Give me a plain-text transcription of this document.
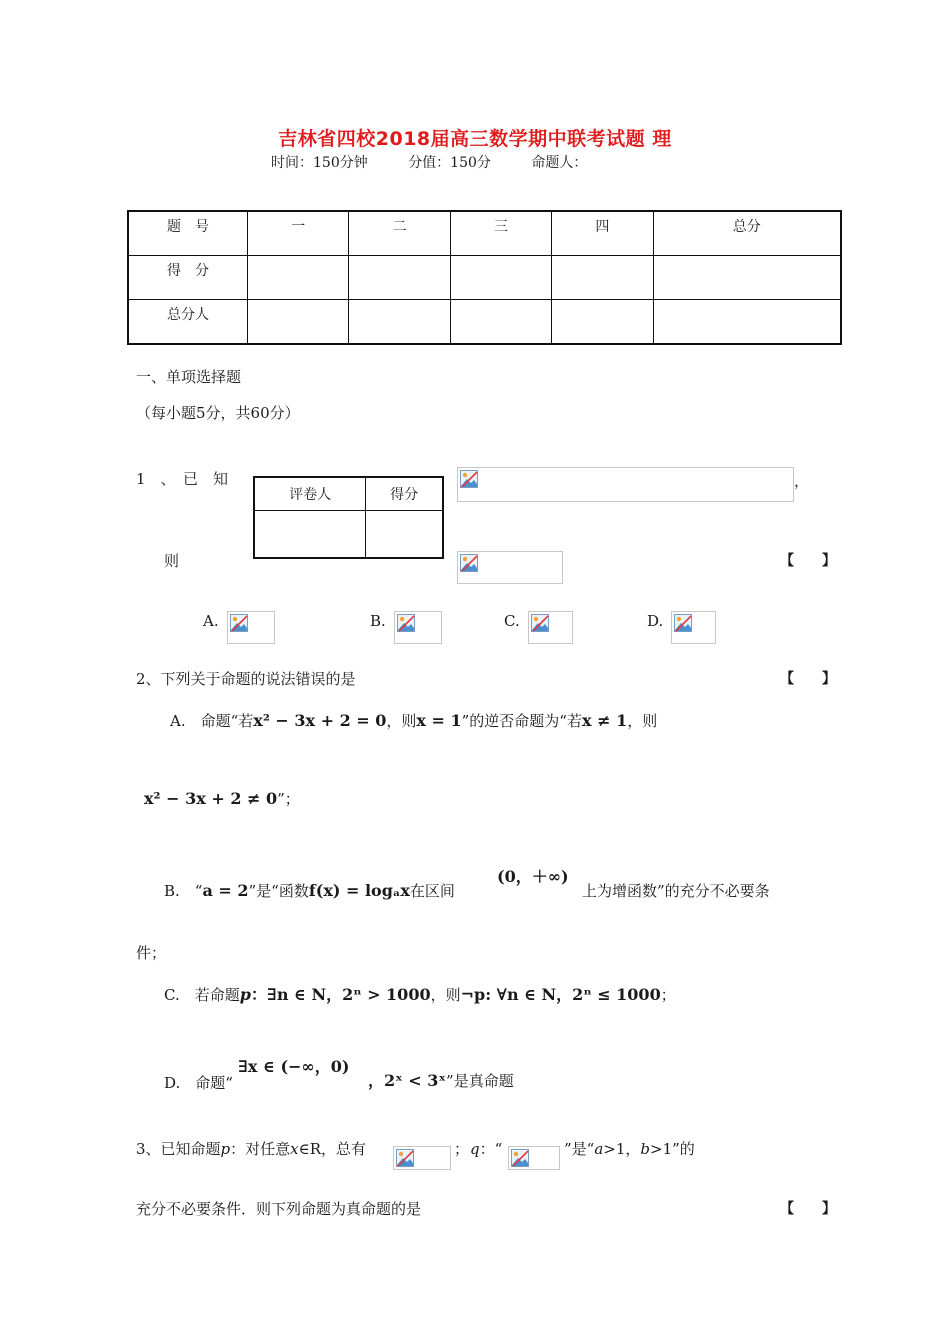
吉林省四校2018届高三数学期中联考试题 理
时间：150分钟	分值：150分	命题人：
题　号	一	二	三	四	总分
得　分					
总分人					
一、单项选择题
（每小题5分，共60分）
1　、　已　知
评卷人	得分

，
则	【　　】
A.	B.	C.	D.
2、下列关于命题的说法错误的是	【　　】
A.　命题“若x² − 3x + 2 = 0，则x = 1”的逆否命题为“若x ≠ 1，则
x² − 3x + 2 ≠ 0”；
(0，＋∞)
B.　“a = 2”是“函数f(x) = logₐx在区间	上为增函数”的充分不必要条
件；
C.　若命题p：∃n ∈ N，2ⁿ > 1000，则¬p: ∀n ∈ N，2ⁿ ≤ 1000；
∃x ∈ (−∞，0)
D.　命题“	，2ˣ < 3ˣ”是真命题
3、已知命题p：对任意x∈R，总有	； q：“	”是“a>1，b>1”的
充分不必要条件．则下列命题为真命题的是	【　　】
